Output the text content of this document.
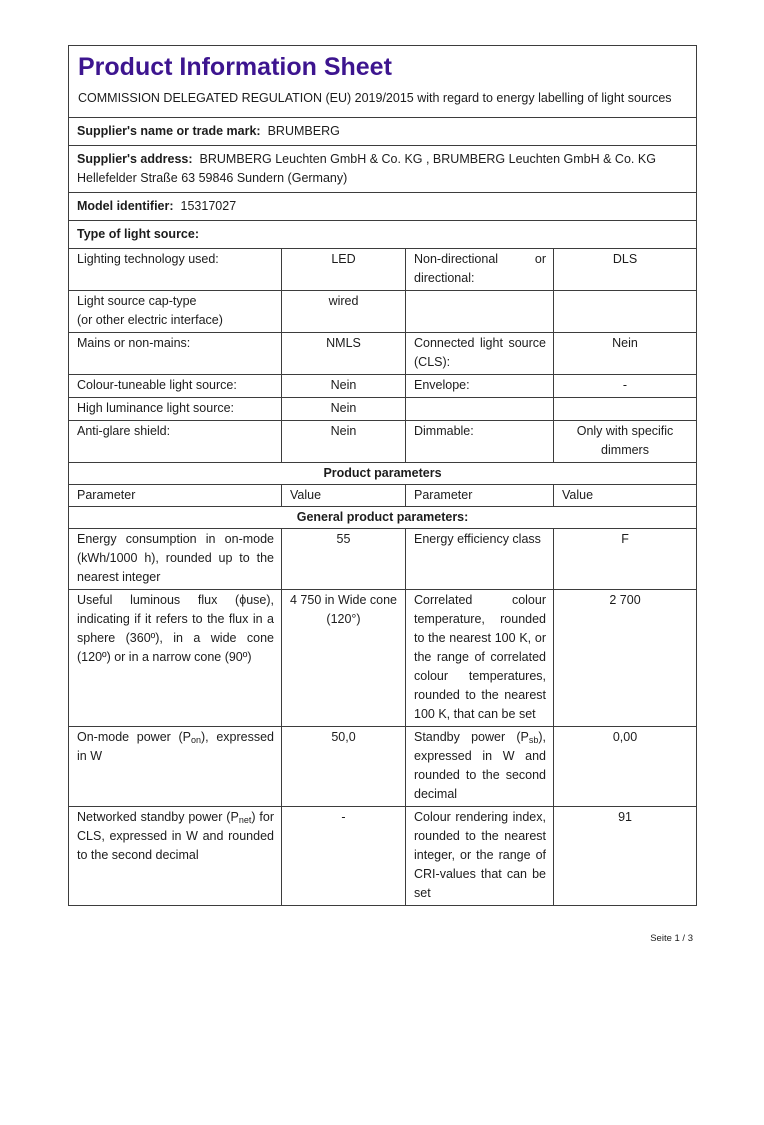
Product Information Sheet
COMMISSION DELEGATED REGULATION (EU) 2019/2015 with regard to energy labelling of light sources			

Supplier's name or trade mark: BRUMBERG			
Supplier's address: BRUMBERG Leuchten GmbH & Co. KG , BRUMBERG Leuchten GmbH & Co. KG Hellefelder Straße 63 59846 Sundern (Germany)			
Model identifier: 15317027			
Type of light source:			
Lighting technology used:	LED	Non-directional or directional:	DLS
Light source cap-type
(or other electric interface)	wired		
Mains or non-mains:	NMLS	Connected light source (CLS):	Nein
Colour-tuneable light source:	Nein	Envelope:	-
High luminance light source:	Nein		
Anti-glare shield:	Nein	Dimmable:	Only with specific dimmers
Product parameters			
Parameter	Value	Parameter	Value
General product parameters:			
Energy consumption in on-mode (kWh/1000 h), rounded up to the nearest integer	55	Energy efficiency class	F
Useful luminous flux (ϕuse), indicating if it refers to the flux in a sphere (360º), in a wide cone (120º) or in a narrow cone (90º)	4 750 in Wide cone (120°)	Correlated colour temperature, rounded to the nearest 100 K, or the range of correlated colour temperatures, rounded to the nearest 100 K, that can be set	2 700
On-mode power $(P_{on})$, expressed in W	50,0	Standby power $(P_{sb})$, expressed in W and rounded to the second decimal	0,00
Networked standby power $(P_{net})$ for CLS, expressed in W and rounded to the second decimal	-	Colour rendering index, rounded to the nearest integer, or the range of CRI-values that can be set	91
Seite 1 / 3
